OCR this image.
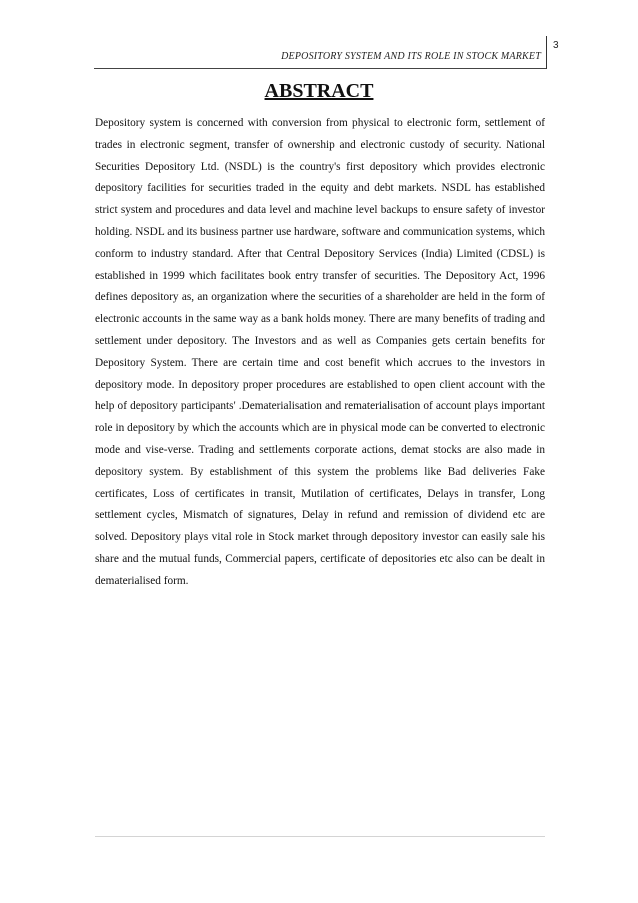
3
DEPOSITORY SYSTEM AND ITS ROLE IN STOCK MARKET
ABSTRACT

Depository system is concerned with conversion from physical to electronic form, settlement of trades in electronic segment, transfer of ownership and electronic custody of security. National Securities Depository Ltd. (NSDL) is the country's first depository which provides electronic depository facilities for securities traded in the equity and debt markets. NSDL has established strict system and procedures and data level and machine level backups to ensure safety of investor holding. NSDL and its business partner use hardware, software and communication systems, which conform to industry standard. After that Central Depository Services (India) Limited (CDSL) is established in 1999 which facilitates book entry transfer of securities. The Depository Act, 1996 defines depository as, an organization where the securities of a shareholder are held in the form of electronic accounts in the same way as a bank holds money. There are many benefits of trading and settlement under depository. The Investors and as well as Companies gets certain benefits for Depository System. There are certain time and cost benefit which accrues to the investors in depository mode. In depository proper procedures are established to open client account with the help of depository participants' .Dematerialisation and rematerialisation of account plays important role in depository by which the accounts which are in physical mode can be converted to electronic mode and vise-verse. Trading and settlements corporate actions, demat stocks are also made in depository system. By establishment of this system the problems like Bad deliveries Fake certificates, Loss of certificates in transit, Mutilation of certificates, Delays in transfer, Long settlement cycles, Mismatch of signatures, Delay in refund and remission of dividend etc are solved. Depository plays vital role in Stock market through depository investor can easily sale his share and the mutual funds, Commercial papers, certificate of depositories etc also can be dealt in dematerialised form.
